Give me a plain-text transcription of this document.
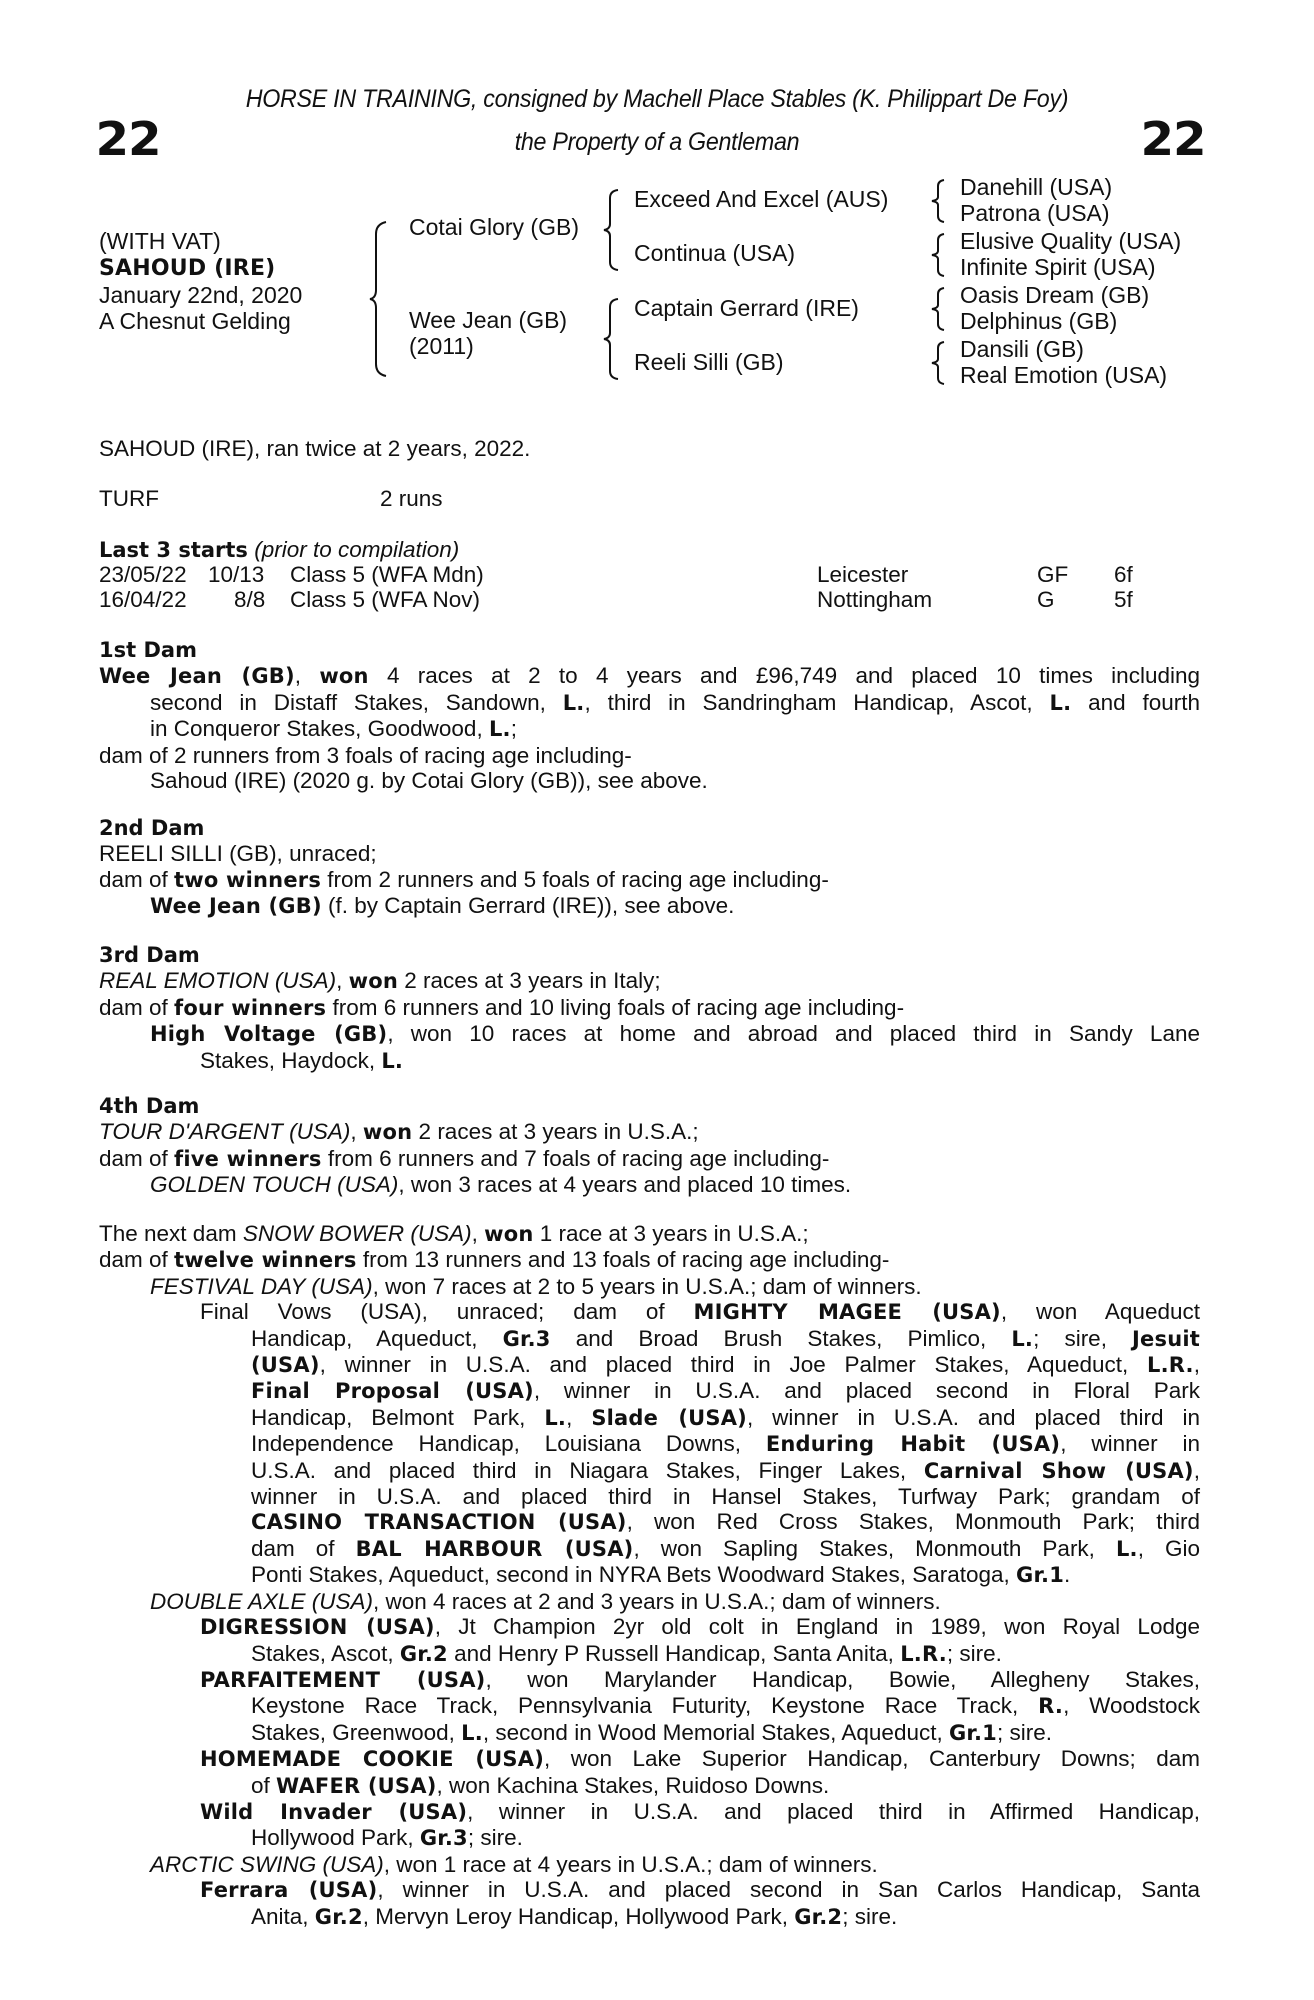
HORSE IN TRAINING, consigned by Machell Place Stables (K. Philippart De Foy)
22	22
the Property of a Gentleman
(WITH VAT)
SAHOUD (IRE)
January 22nd, 2020
A Chesnut Gelding
Cotai Glory (GB)
Wee Jean (GB)
(2011)
Exceed And Excel (AUS)
Continua (USA)
Captain Gerrard (IRE)
Reeli Silli (GB)
Danehill (USA)
Patrona (USA)
Elusive Quality (USA)
Infinite Spirit (USA)
Oasis Dream (GB)
Delphinus (GB)
Dansili (GB)
Real Emotion (USA)
SAHOUD (IRE), ran twice at 2 years, 2022.
TURF	2 runs
Last 3 starts (prior to compilation)
23/05/22 10/13 Class 5 (WFA Mdn)	Leicester	GF 6f
16/04/22 8/8 Class 5 (WFA Nov)	Nottingham	G	5f
1st Dam
Wee Jean (GB), won 4 races at 2 to 4 years and £96,749 and placed 10 times including
second in Distaff Stakes, Sandown, L., third in Sandringham Handicap, Ascot, L. and fourth
in Conqueror Stakes, Goodwood, L.;
dam of 2 runners from 3 foals of racing age including-
Sahoud (IRE) (2020 g. by Cotai Glory (GB)), see above.
2nd Dam
REELI SILLI (GB), unraced;
dam of two winners from 2 runners and 5 foals of racing age including-
Wee Jean (GB) (f. by Captain Gerrard (IRE)), see above.
3rd Dam
REAL EMOTION (USA), won 2 races at 3 years in Italy;
dam of four winners from 6 runners and 10 living foals of racing age including-
High Voltage (GB), won 10 races at home and abroad and placed third in Sandy Lane
Stakes, Haydock, L.
4th Dam
TOUR D'ARGENT (USA), won 2 races at 3 years in U.S.A.;
dam of five winners from 6 runners and 7 foals of racing age including-
GOLDEN TOUCH (USA), won 3 races at 4 years and placed 10 times.
The next dam SNOW BOWER (USA), won 1 race at 3 years in U.S.A.;
dam of twelve winners from 13 runners and 13 foals of racing age including-
FESTIVAL DAY (USA), won 7 races at 2 to 5 years in U.S.A.; dam of winners.
Final Vows (USA), unraced; dam of MIGHTY MAGEE (USA), won Aqueduct
Handicap, Aqueduct, Gr.3 and Broad Brush Stakes, Pimlico, L.; sire, Jesuit
(USA), winner in U.S.A. and placed third in Joe Palmer Stakes, Aqueduct, L.R.,
Final Proposal (USA), winner in U.S.A. and placed second in Floral Park
Handicap, Belmont Park, L., Slade (USA), winner in U.S.A. and placed third in
Independence Handicap, Louisiana Downs, Enduring Habit (USA), winner in
U.S.A. and placed third in Niagara Stakes, Finger Lakes, Carnival Show (USA),
winner in U.S.A. and placed third in Hansel Stakes, Turfway Park; grandam of
CASINO TRANSACTION (USA), won Red Cross Stakes, Monmouth Park; third
dam of BAL HARBOUR (USA), won Sapling Stakes, Monmouth Park, L., Gio
Ponti Stakes, Aqueduct, second in NYRA Bets Woodward Stakes, Saratoga, Gr.1.
DOUBLE AXLE (USA), won 4 races at 2 and 3 years in U.S.A.; dam of winners.
DIGRESSION (USA), Jt Champion 2yr old colt in England in 1989, won Royal Lodge
Stakes, Ascot, Gr.2 and Henry P Russell Handicap, Santa Anita, L.R.; sire.
PARFAITEMENT (USA), won Marylander Handicap, Bowie, Allegheny Stakes,
Keystone Race Track, Pennsylvania Futurity, Keystone Race Track, R., Woodstock
Stakes, Greenwood, L., second in Wood Memorial Stakes, Aqueduct, Gr.1; sire.
HOMEMADE COOKIE (USA), won Lake Superior Handicap, Canterbury Downs; dam
of WAFER (USA), won Kachina Stakes, Ruidoso Downs.
Wild Invader (USA), winner in U.S.A. and placed third in Affirmed Handicap,
Hollywood Park, Gr.3; sire.
ARCTIC SWING (USA), won 1 race at 4 years in U.S.A.; dam of winners.
Ferrara (USA), winner in U.S.A. and placed second in San Carlos Handicap, Santa
Anita, Gr.2, Mervyn Leroy Handicap, Hollywood Park, Gr.2; sire.
